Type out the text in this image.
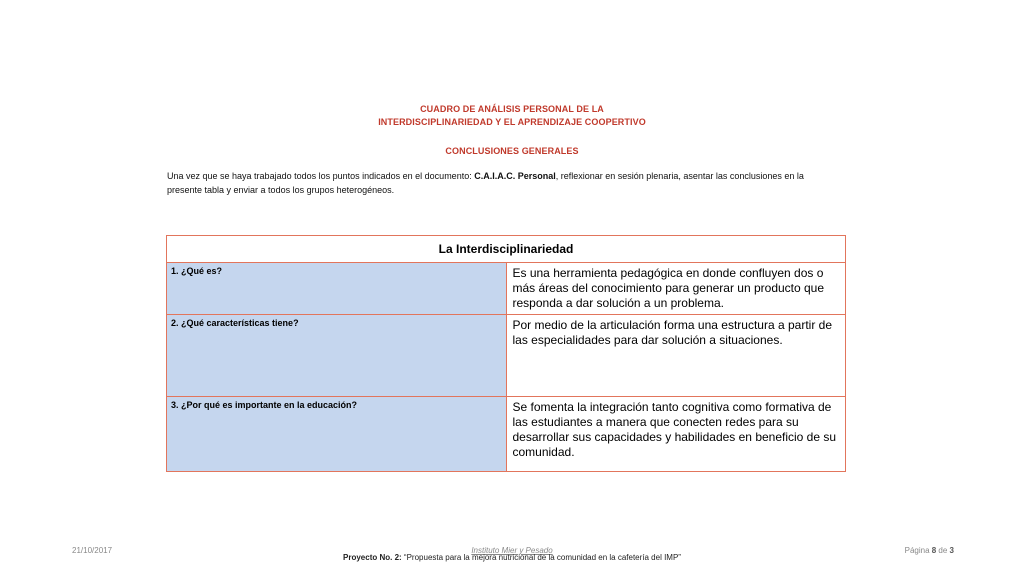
CUADRO DE ANÁLISIS PERSONAL DE LA
INTERDISCIPLINARIEDAD Y EL APRENDIZAJE COOPERTIVO
CONCLUSIONES GENERALES
Una vez que se haya trabajado todos los puntos indicados en el documento: C.A.I.A.C. Personal, reflexionar en sesión plenaria, asentar las conclusiones en la presente tabla y enviar a todos los grupos heterogéneos.
La Interdisciplinariedad	
1. ¿Qué es?	Es una herramienta pedagógica en donde confluyen dos o más áreas del conocimiento para generar un producto que responda a dar solución a un problema.
2. ¿Qué características tiene?	Por medio de la articulación forma una estructura a partir de las especialidades para dar solución a situaciones.
3. ¿Por qué es importante en la educación?	Se fomenta la integración tanto cognitiva como formativa de las estudiantes a manera que conecten redes para su desarrollar sus capacidades y habilidades en beneficio de su comunidad.
21/10/2017	Instituto Mier y Pesado	Página 8 de 3
Proyecto No. 2: “Propuesta para la mejora nutricional de la comunidad en la cafetería del IMP”
